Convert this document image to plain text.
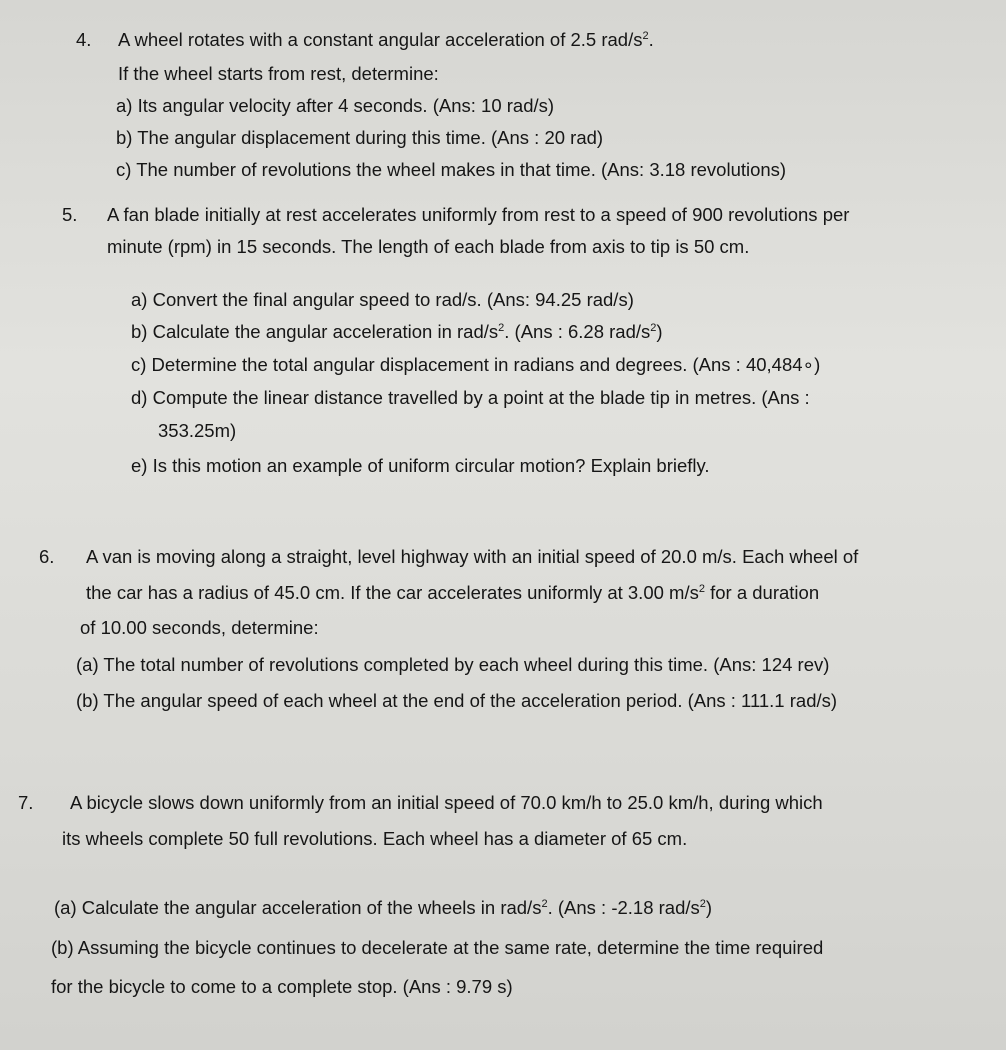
4. A wheel rotates with a constant angular acceleration of 2.5 rad/$s^2$.
If the wheel starts from rest, determine:
a) Its angular velocity after 4 seconds. (Ans: 10 rad/s)
b) The angular displacement during this time. (Ans : 20 rad)
c) The number of revolutions the wheel makes in that time. (Ans: 3.18 revolutions)
5. A fan blade initially at rest accelerates uniformly from rest to a speed of 900 revolutions per
minute (rpm) in 15 seconds. The length of each blade from axis to tip is 50 cm.
a) Convert the final angular speed to rad/s. (Ans: 94.25 rad/s)
b) Calculate the angular acceleration in rad/$s^2$. (Ans : 6.28 rad/$s^2$)
c) Determine the total angular displacement in radians and degrees. (Ans : 40,484∘)
d) Compute the linear distance travelled by a point at the blade tip in metres. (Ans :
353.25m)
e) Is this motion an example of uniform circular motion? Explain briefly.
6. A van is moving along a straight, level highway with an initial speed of 20.0 m/s. Each wheel of
the car has a radius of 45.0 cm. If the car accelerates uniformly at 3.00 $m/s^2$ for a duration
of 10.00 seconds, determine:
(a) The total number of revolutions completed by each wheel during this time. (Ans: 124 rev)
(b) The angular speed of each wheel at the end of the acceleration period. (Ans : 111.1 rad/s)
7. A bicycle slows down uniformly from an initial speed of 70.0 km/h to 25.0 km/h, during which
its wheels complete 50 full revolutions. Each wheel has a diameter of 65 cm.
(a) Calculate the angular acceleration of the wheels in rad/$s^2$. (Ans : -2.18 rad/$s^2$)
(b) Assuming the bicycle continues to decelerate at the same rate, determine the time required
for the bicycle to come to a complete stop. (Ans : 9.79 s)
